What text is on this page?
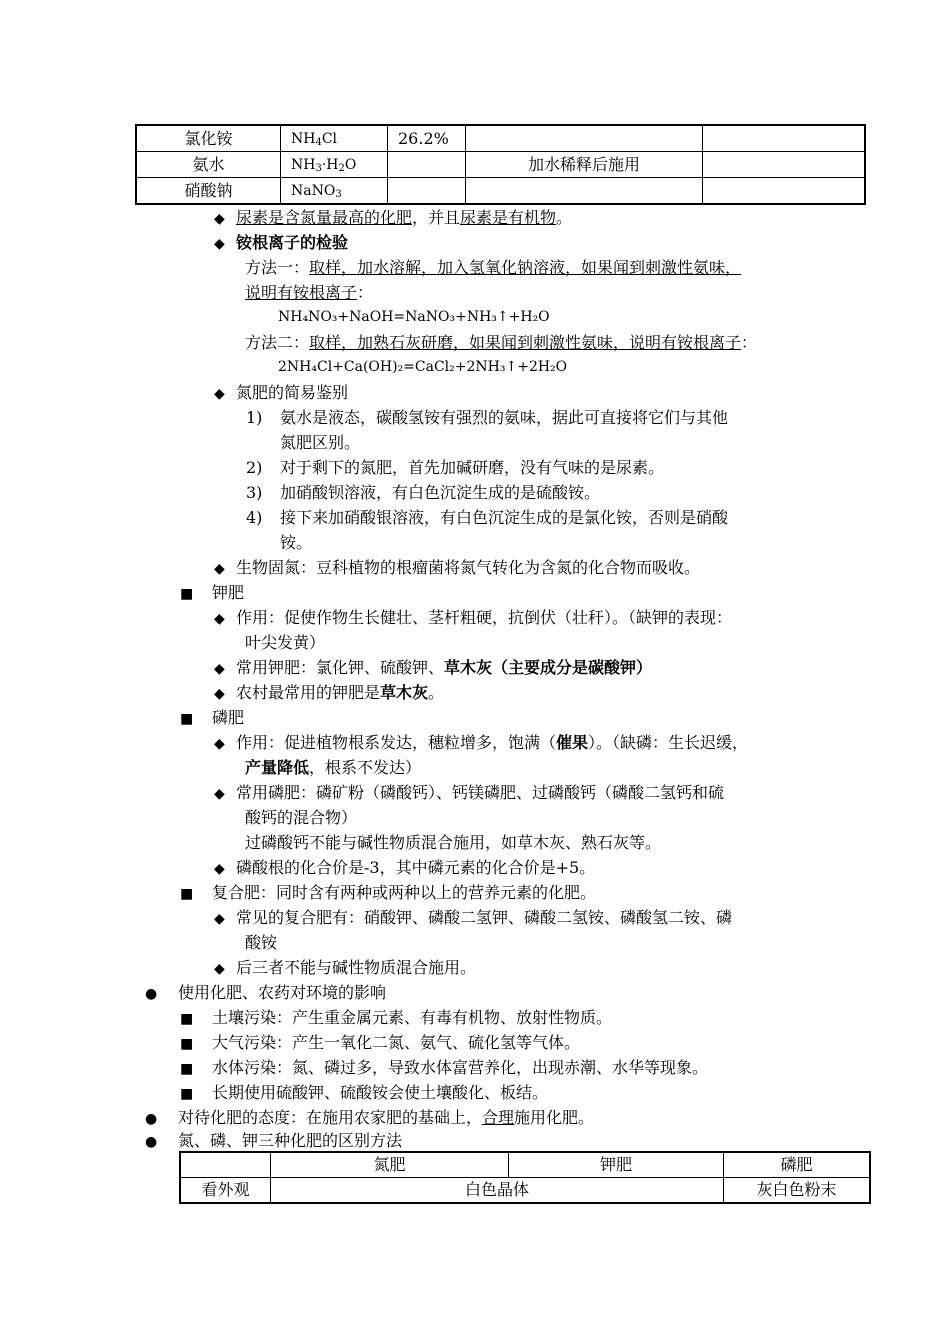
氯化铵	$NH_4Cl$	26.2%		
氨水	$NH_3\cdot H_2O$		加水稀释后施用	
硝酸钠	NaNO$_3$			
◆ 尿素是含氮量最高的化肥，并且尿素是有机物。
◆ 铵根离子的检验
方法一：取样，加水溶解，加入氢氧化钠溶液，如果闻到刺激性氨味，
说明有铵根离子：
NH₄NO₃+NaOH=NaNO₃+NH₃↑+H₂O
方法二：取样，加熟石灰研磨，如果闻到刺激性氨味，说明有铵根离子：
2NH₄Cl+Ca(OH)₂=CaCl₂+2NH₃↑+2H₂O
◆ 氮肥的简易鉴别
1) 氨水是液态，碳酸氢铵有强烈的氨味，据此可直接将它们与其他
氮肥区别。
2) 对于剩下的氮肥，首先加碱研磨，没有气味的是尿素。
3) 加硝酸钡溶液，有白色沉淀生成的是硫酸铵。
4) 接下来加硝酸银溶液，有白色沉淀生成的是氯化铵，否则是硝酸
铵。
◆ 生物固氮：豆科植物的根瘤菌将氮气转化为含氮的化合物而吸收。
■ 钾肥
◆ 作用：促使作物生长健壮、茎杆粗硬，抗倒伏（壮秆）。（缺钾的表现：
叶尖发黄）
◆ 常用钾肥：氯化钾、硫酸钾、草木灰（主要成分是碳酸钾）
◆ 农村最常用的钾肥是草木灰。
■ 磷肥
◆ 作用：促进植物根系发达，穗粒增多，饱满（催果）。（缺磷：生长迟缓，
产量降低，根系不发达）
◆ 常用磷肥：磷矿粉（磷酸钙）、钙镁磷肥、过磷酸钙（磷酸二氢钙和硫
酸钙的混合物）
过磷酸钙不能与碱性物质混合施用，如草木灰、熟石灰等。
◆ 磷酸根的化合价是-3，其中磷元素的化合价是+5。
■ 复合肥：同时含有两种或两种以上的营养元素的化肥。
◆ 常见的复合肥有：硝酸钾、磷酸二氢钾、磷酸二氢铵、磷酸氢二铵、磷
酸铵
◆ 后三者不能与碱性物质混合施用。
● 使用化肥、农药对环境的影响
■ 土壤污染：产生重金属元素、有毒有机物、放射性物质。
■ 大气污染：产生一氧化二氮、氨气、硫化氢等气体。
■ 水体污染：氮、磷过多，导致水体富营养化，出现赤潮、水华等现象。
■ 长期使用硫酸钾、硫酸铵会使土壤酸化、板结。
● 对待化肥的态度：在施用农家肥的基础上，合理施用化肥。
● 氮、磷、钾三种化肥的区别方法
	氮肥	钾肥	磷肥
看外观	白色晶体		灰白色粉末
